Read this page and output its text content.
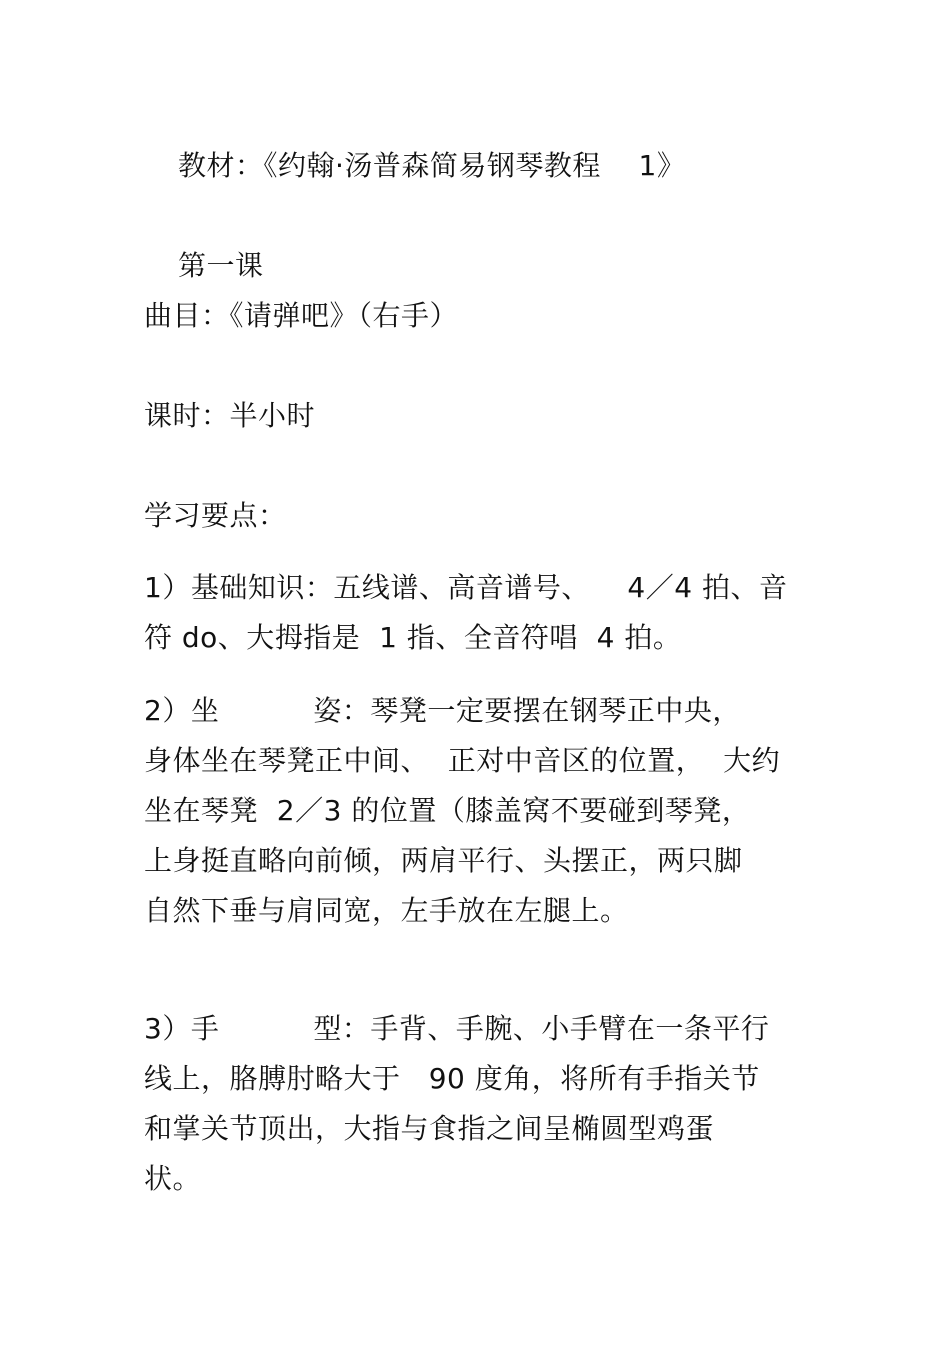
教材：《约翰·汤普森简易钢琴教程    1》
第一课
曲目：《请弹吧》（右手）
课时：半小时
学习要点：
1）基础知识：五线谱、高音谱号、    4／4 拍、音
符 do、大拇指是  1 指、全音符唱  4 拍。
2）坐          姿：琴凳一定要摆在钢琴正中央，
身体坐在琴凳正中间、  正对中音区的位置，  大约
坐在琴凳  2／3 的位置（膝盖窝不要碰到琴凳，
上身挺直略向前倾，两肩平行、头摆正，两只脚
自然下垂与肩同宽，左手放在左腿上。
3）手          型：手背、手腕、小手臂在一条平行
线上，胳膊肘略大于   90 度角，将所有手指关节
和掌关节顶出，大指与食指之间呈椭圆型鸡蛋
状。
